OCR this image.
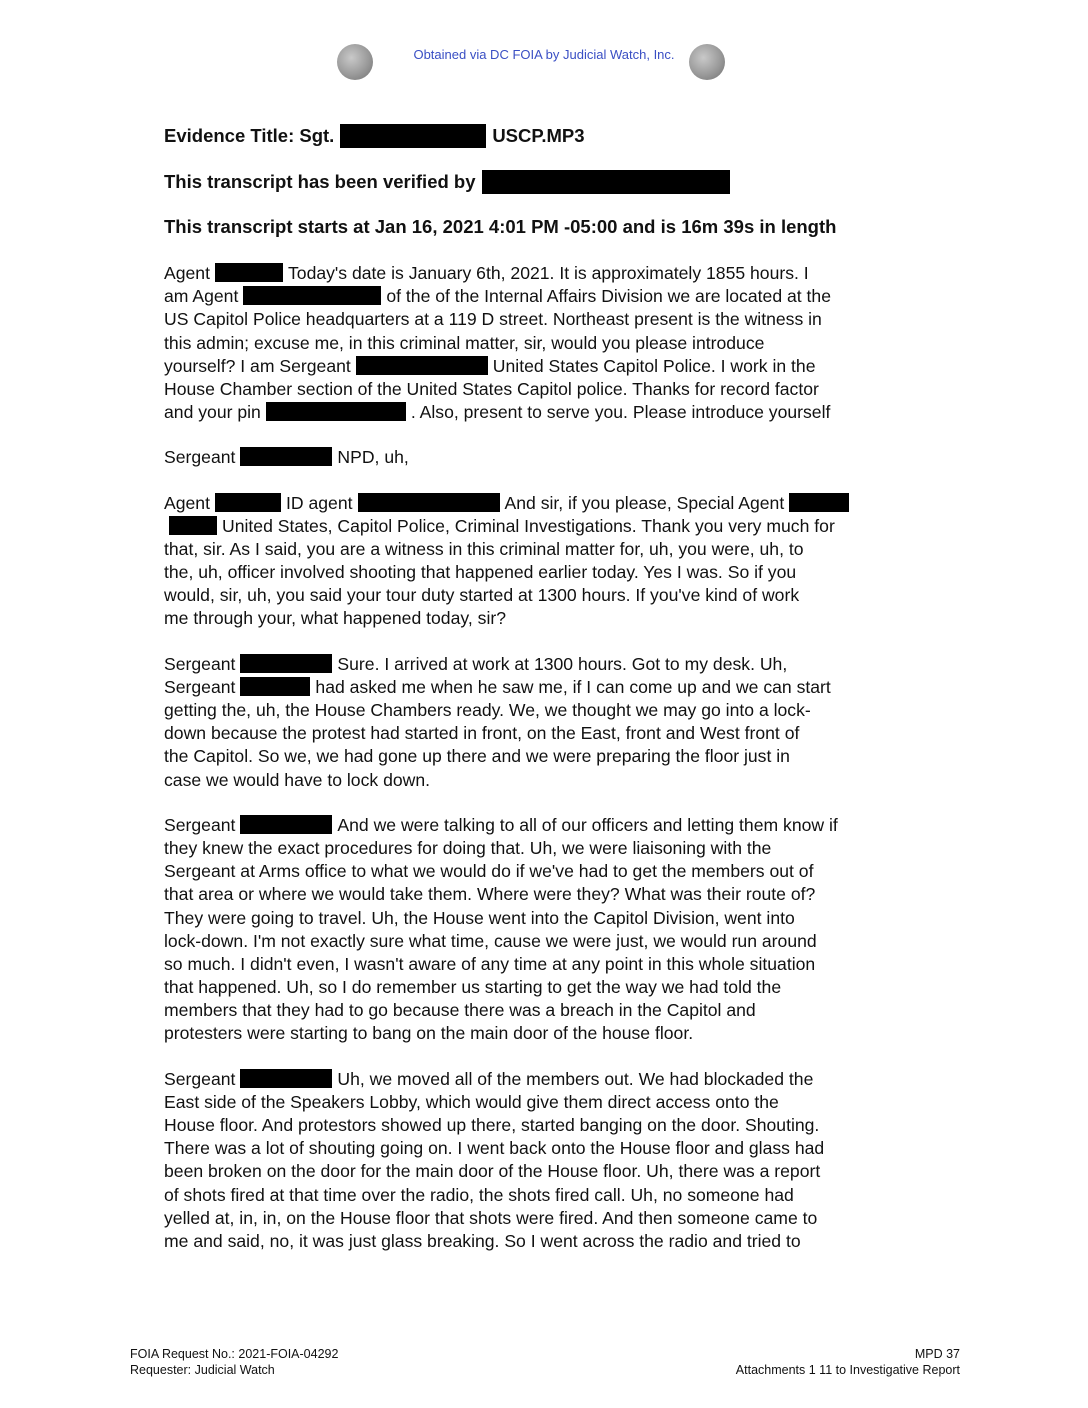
Obtained via DC FOIA by Judicial Watch, Inc.
Evidence Title: Sgt.	USCP.MP3
This transcript has been verified by
This transcript starts at Jan 16, 2021 4:01 PM -05:00 and is 16m 39s in length
Agent	Today's date is January 6th, 2021. It is approximately 1855 hours. I
am Agent	of the of the Internal Affairs Division we are located at the
US Capitol Police headquarters at a 119 D street. Northeast present is the witness in
this admin; excuse me, in this criminal matter, sir, would you please introduce
yourself? I am Sergeant	United States Capitol Police. I work in the
House Chamber section of the United States Capitol police. Thanks for record factor
and your pin	. Also, present to serve you. Please introduce yourself
Sergeant	NPD, uh,
Agent	ID agent	And sir, if you please, Special Agent
United States, Capitol Police, Criminal Investigations. Thank you very much for
that, sir. As I said, you are a witness in this criminal matter for, uh, you were, uh, to
the, uh, officer involved shooting that happened earlier today. Yes I was. So if you
would, sir, uh, you said your tour duty started at 1300 hours. If you've kind of work
me through your, what happened today, sir?
Sergeant	Sure. I arrived at work at 1300 hours. Got to my desk. Uh,
Sergeant	had asked me when he saw me, if I can come up and we can start
getting the, uh, the House Chambers ready. We, we thought we may go into a lock-
down because the protest had started in front, on the East, front and West front of
the Capitol. So we, we had gone up there and we were preparing the floor just in
case we would have to lock down.
Sergeant	And we were talking to all of our officers and letting them know if
they knew the exact procedures for doing that. Uh, we were liaisoning with the
Sergeant at Arms office to what we would do if we've had to get the members out of
that area or where we would take them. Where were they? What was their route of?
They were going to travel. Uh, the House went into the Capitol Division, went into
lock-down. I'm not exactly sure what time, cause we were just, we would run around
so much. I didn't even, I wasn't aware of any time at any point in this whole situation
that happened. Uh, so I do remember us starting to get the way we had told the
members that they had to go because there was a breach in the Capitol and
protesters were starting to bang on the main door of the house floor.
Sergeant	Uh, we moved all of the members out. We had blockaded the
East side of the Speakers Lobby, which would give them direct access onto the
House floor. And protestors showed up there, started banging on the door. Shouting.
There was a lot of shouting going on. I went back onto the House floor and glass had
been broken on the door for the main door of the House floor. Uh, there was a report
of shots fired at that time over the radio, the shots fired call. Uh, no someone had
yelled at, in, in, on the House floor that shots were fired. And then someone came to
me and said, no, it was just glass breaking. So I went across the radio and tried to
FOIA Request No.: 2021-FOIA-04292
Requester: Judicial Watch
MPD 37
Attachments 1 11 to Investigative Report
